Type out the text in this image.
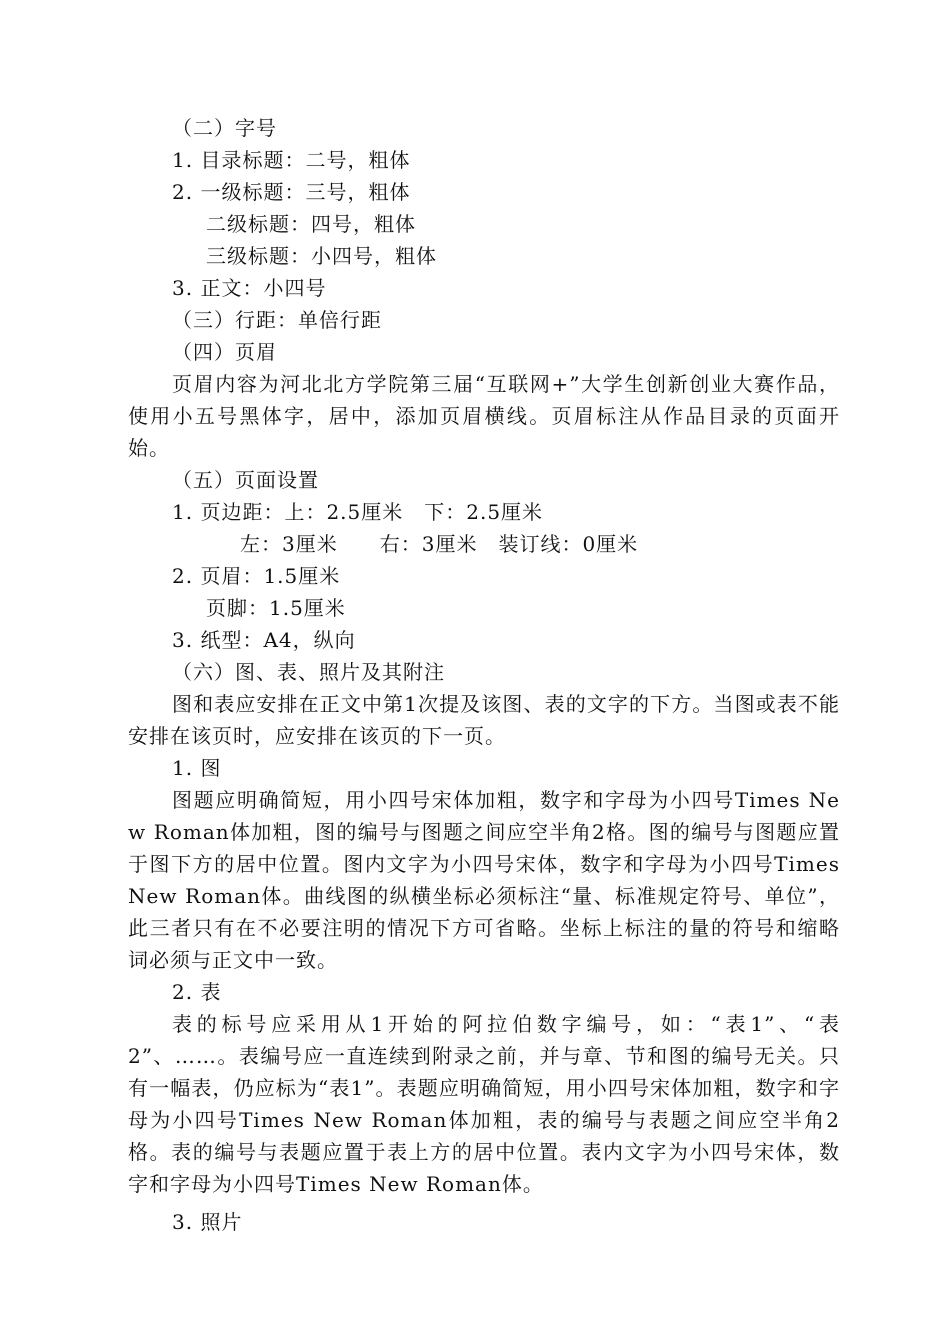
（二）字号
1. 目录标题：二号，粗体
2. 一级标题：三号，粗体
二级标题：四号，粗体
三级标题：小四号，粗体
3. 正文：小四号
（三）行距：单倍行距
（四）页眉
页眉内容为河北北方学院第三届“互联网+”大学生创新创业大赛作品，使用小五号黑体字，居中，添加页眉横线。页眉标注从作品目录的页面开始。
（五）页面设置
1. 页边距：上：2.5厘米　下：2.5厘米
左：3厘米　　右：3厘米　装订线：0厘米
2. 页眉：1.5厘米
页脚：1.5厘米
3. 纸型：A4，纵向
（六）图、表、照片及其附注
图和表应安排在正文中第1次提及该图、表的文字的下方。当图或表不能安排在该页时，应安排在该页的下一页。
1. 图
图题应明确简短，用小四号宋体加粗，数字和字母为小四号Times New Roman体加粗，图的编号与图题之间应空半角2格。图的编号与图题应置于图下方的居中位置。图内文字为小四号宋体，数字和字母为小四号Times New Roman体。曲线图的纵横坐标必须标注“量、标准规定符号、单位”，此三者只有在不必要注明的情况下方可省略。坐标上标注的量的符号和缩略词必须与正文中一致。
2. 表
表的标号应采用从1开始的阿拉伯数字编号，如：“表1”、“表2”、……。表编号应一直连续到附录之前，并与章、节和图的编号无关。只有一幅表，仍应标为“表1”。表题应明确简短，用小四号宋体加粗，数字和字母为小四号Times New Roman体加粗，表的编号与表题之间应空半角2格。表的编号与表题应置于表上方的居中位置。表内文字为小四号宋体，数字和字母为小四号Times New Roman体。
3. 照片
